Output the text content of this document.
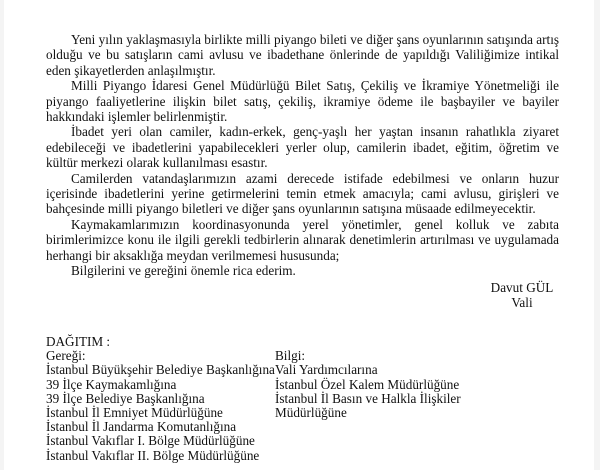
Yeni yılın yaklaşmasıyla birlikte milli piyango bileti ve diğer şans oyunlarının satışında artış olduğu ve bu satışların cami avlusu ve ibadethane önlerinde de yapıldığı Valiliğimize intikal eden şikayetlerden anlaşılmıştır.

Milli Piyango İdaresi Genel Müdürlüğü Bilet Satış, Çekiliş ve İkramiye Yönetmeliği ile piyango faaliyetlerine ilişkin bilet satış, çekiliş, ikramiye ödeme ile başbayiler ve bayiler hakkındaki işlemler belirlenmiştir.

İbadet yeri olan camiler, kadın-erkek, genç-yaşlı her yaştan insanın rahatlıkla ziyaret edebileceği ve ibadetlerini yapabilecekleri yerler olup, camilerin ibadet, eğitim, öğretim ve kültür merkezi olarak kullanılması esastır.

Camilerden vatandaşlarımızın azami derecede istifade edebilmesi ve onların huzur içerisinde ibadetlerini yerine getirmelerini temin etmek amacıyla; cami avlusu, girişleri ve bahçesinde milli piyango biletleri ve diğer şans oyunlarının satışına müsaade edilmeyecektir.

Kaymakamlarımızın koordinasyonunda yerel yönetimler, genel kolluk ve zabıta birimlerimizce konu ile ilgili gerekli tedbirlerin alınarak denetimlerin artırılması ve uygulamada herhangi bir aksaklığa meydan verilmemesi hususunda;

Bilgilerini ve gereğini önemle rica ederim.

Davut GÜL
Vali
DAĞITIM :
Gereği:
İstanbul Büyükşehir Belediye Başkanlığına
39 İlçe Kaymakamlığına
39 İlçe Belediye Başkanlığına
İstanbul İl Emniyet Müdürlüğüne
İstanbul İl Jandarma Komutanlığına
İstanbul Vakıflar I. Bölge Müdürlüğüne
İstanbul Vakıflar II. Bölge Müdürlüğüne
Bilgi:
Vali Yardımcılarına
İstanbul Özel Kalem Müdürlüğüne
İstanbul İl Basın ve Halkla İlişkiler
Müdürlüğüne
